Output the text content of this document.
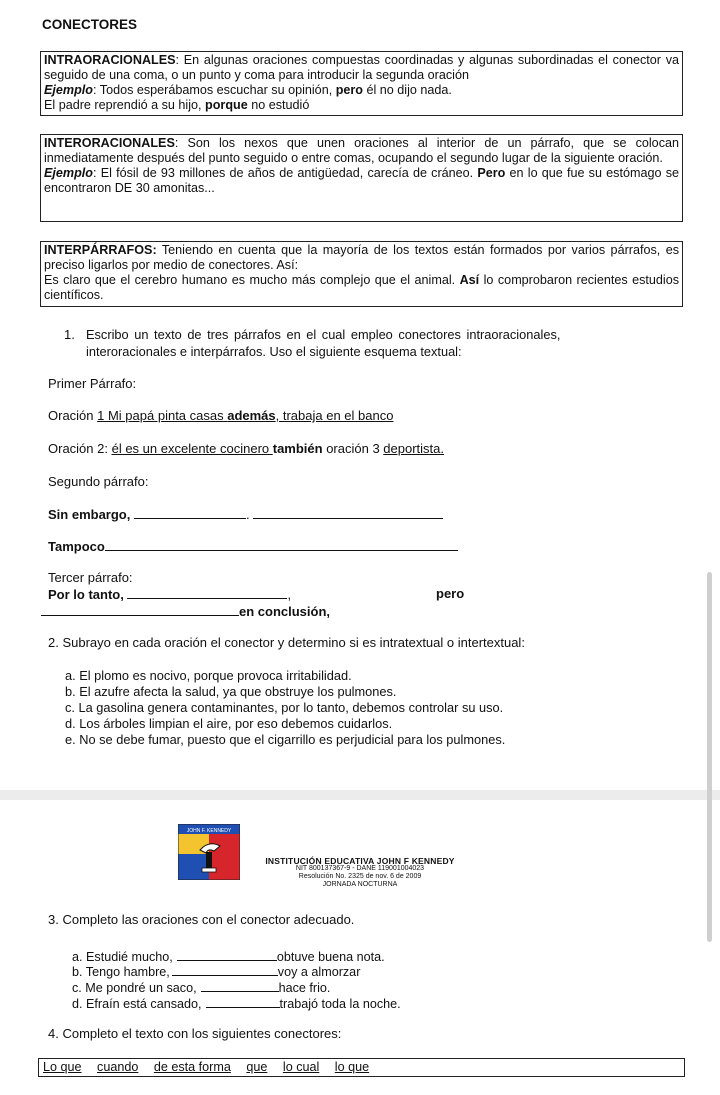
CONECTORES

INTRAORACIONALES: En algunas oraciones compuestas coordinadas y algunas subordinadas el conector va seguido de una coma, o un punto y coma para introducir la segunda oración

Ejemplo: Todos esperábamos escuchar su opinión, pero él no dijo nada.

El padre reprendió a su hijo, porque no estudió

INTERORACIONALES: Son los nexos que unen oraciones al interior de un párrafo, que se colocan inmediatamente después del punto seguido o entre comas, ocupando el segundo lugar de la siguiente oración.

Ejemplo: El fósil de 93 millones de años de antigüedad, carecía de cráneo. Pero en lo que fue su estómago se encontraron DE 30 amonitas...

INTERPÁRRAFOS: Teniendo en cuenta que la mayoría de los textos están formados por varios párrafos, es preciso ligarlos por medio de conectores. Así:

Es claro que el cerebro humano es mucho más complejo que el animal. Así lo comprobaron recientes estudios científicos.

1. Escribo un texto de tres párrafos en el cual empleo conectores intraoracionales,
interoracionales e interpárrafos. Uso el siguiente esquema textual:
Primer Párrafo:
Oración 1 Mi papá pinta casas además, trabaja en el banco
Oración 2: él es un excelente cocinero también oración 3 deportista.
Segundo párrafo:
Sin embargo,	.
Tampoco
Tercer párrafo:
Por lo tanto,	,	pero
en conclusión,
2. Subrayo en cada oración el conector y determino si es intratextual o intertextual:
a. El plomo es nocivo, porque provoca irritabilidad.
b. El azufre afecta la salud, ya que obstruye los pulmones.
c. La gasolina genera contaminantes, por lo tanto, debemos controlar su uso.
d. Los árboles limpian el aire, por eso debemos cuidarlos.
e. No se debe fumar, puesto que el cigarrillo es perjudicial para los pulmones.
JOHN F. KENNEDY
INSTITUCIÓN EDUCATIVA JOHN F KENNEDY
NIT 800137367-9 - DANE 119001004023
Resolución No. 2325 de nov. 6 de 2009
JORNADA NOCTURNA
3. Completo las oraciones con el conector adecuado.
a. Estudié mucho,	obtuve buena nota.
b. Tengo hambre,	voy a almorzar
c. Me pondré un saco,	hace frio.
d. Efraín está cansado,	trabajó toda la noche.
4. Completo el texto con los siguientes conectores:
Lo que cuando de esta forma que lo cual lo que
